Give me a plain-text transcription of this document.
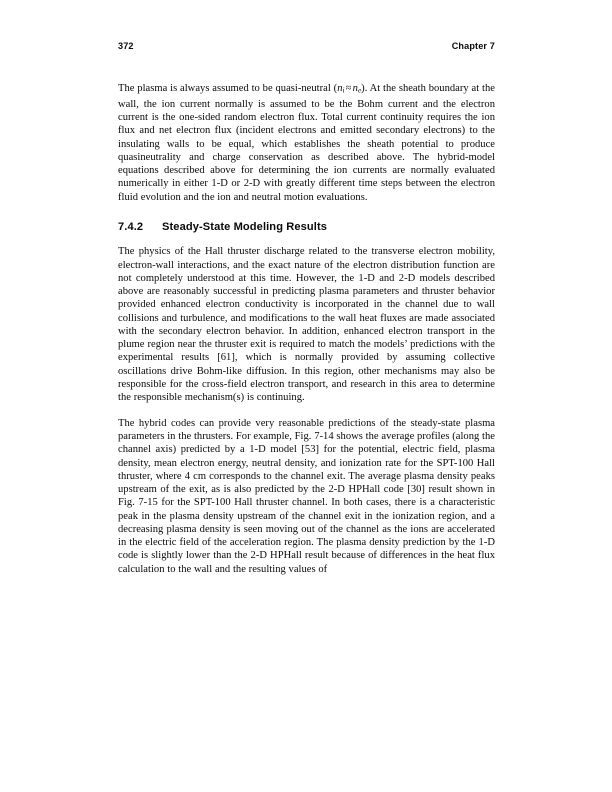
372	Chapter 7

The plasma is always assumed to be quasi-neutral $(n_i\approx n_e)$. At the sheath boundary at the wall, the ion current normally is assumed to be the Bohm current and the electron current is the one-sided random electron flux. Total current continuity requires the ion flux and net electron flux (incident electrons and emitted secondary electrons) to the insulating walls to be equal, which establishes the sheath potential to produce quasineutrality and charge conservation as described above. The hybrid-model equations described above for determining the ion currents are normally evaluated numerically in either 1-D or 2-D with greatly different time steps between the electron fluid evolution and the ion and neutral motion evaluations.

7.4.2 Steady-State Modeling Results

The physics of the Hall thruster discharge related to the transverse electron mobility, electron-wall interactions, and the exact nature of the electron distribution function are not completely understood at this time. However, the 1-D and 2-D models described above are reasonably successful in predicting plasma parameters and thruster behavior provided enhanced electron conductivity is incorporated in the channel due to wall collisions and turbulence, and modifications to the wall heat fluxes are made associated with the secondary electron behavior. In addition, enhanced electron transport in the plume region near the thruster exit is required to match the models’ predictions with the experimental results [61], which is normally provided by assuming collective oscillations drive Bohm-like diffusion. In this region, other mechanisms may also be responsible for the cross-field electron transport, and research in this area to determine the responsible mechanism(s) is continuing.

The hybrid codes can provide very reasonable predictions of the steady-state plasma parameters in the thrusters. For example, Fig. 7-14 shows the average profiles (along the channel axis) predicted by a 1-D model [53] for the potential, electric field, plasma density, mean electron energy, neutral density, and ionization rate for the SPT-100 Hall thruster, where 4 cm corresponds to the channel exit. The average plasma density peaks upstream of the exit, as is also predicted by the 2-D HPHall code [30] result shown in Fig. 7-15 for the SPT-100 Hall thruster channel. In both cases, there is a characteristic peak in the plasma density upstream of the channel exit in the ionization region, and a decreasing plasma density is seen moving out of the channel as the ions are accelerated in the electric field of the acceleration region. The plasma density prediction by the 1-D code is slightly lower than the 2-D HPHall result because of differences in the heat flux calculation to the wall and the resulting values of
